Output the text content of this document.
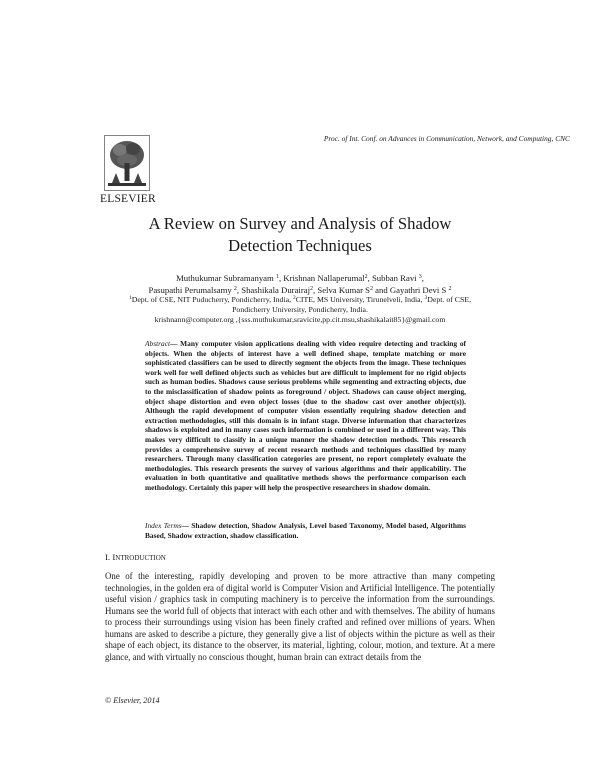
Proc. of Int. Conf. on Advances in Communication, Network, and Computing, CNC
ELSEVIER
A Review on Survey and Analysis of Shadow
Detection Techniques
Muthukumar Subramanyam $^1$, Krishnan Nallaperumal$^2$, Subban Ravi $^3$,
Pasupathi Perumalsamy $^2$, Shashikala Durairaj$^2$, Selva Kumar $S^2$ and Gayathri Devi S $^2$
$^1$Dept. of CSE, NIT Puducherry, Pondicherry, India, $^2$CITE, MS University, Tirunelveli, India, $^3$Dept. of CSE,
Pondicherry University, Pondicherry, India.
krishnann@computer.org ,{sss.muthukumar,sravicite,pp.cit.msu,shashikalait85}@gmail.com
Abstract— Many computer vision applications dealing with video require detecting and tracking of objects. When the objects of interest have a well defined shape, template matching or more sophisticated classifiers can be used to directly segment the objects from the image. These techniques work well for well defined objects such as vehicles but are difficult to implement for no rigid objects such as human bodies. Shadows cause serious problems while segmenting and extracting objects, due to the misclassification of shadow points as foreground / object. Shadows can cause object merging, object shape distortion and even object losses (due to the shadow cast over another object(s)). Although the rapid development of computer vision essentially requiring shadow detection and extraction methodologies, still this domain is in infant stage. Diverse information that characterizes shadows is exploited and in many cases such information is combined or used in a different way. This makes very difficult to classify in a unique manner the shadow detection methods. This research provides a comprehensive survey of recent research methods and techniques classified by many researchers. Through many classification categories are present, no report completely evaluate the methodologies. This research presents the survey of various algorithms and their applicability. The evaluation in both quantitative and qualitative methods shows the performance comparison each methodology. Certainly this paper will help the prospective researchers in shadow domain.
Index Terms— Shadow detection, Shadow Analysis, Level based Taxonomy, Model based, Algorithms Based, Shadow extraction, shadow classification.
I. INTRODUCTION
One of the interesting, rapidly developing and proven to be more attractive than many competing technologies, in the golden era of digital world is Computer Vision and Artificial Intelligence. The potentially useful vision / graphics task in computing machinery is to perceive the information from the surroundings. Humans see the world full of objects that interact with each other and with themselves. The ability of humans to process their surroundings using vision has been finely crafted and refined over millions of years. When humans are asked to describe a picture, they generally give a list of objects within the picture as well as their shape of each object, its distance to the observer, its material, lighting, colour, motion, and texture. At a mere glance, and with virtually no conscious thought, human brain can extract details from the
© Elsevier, 2014
